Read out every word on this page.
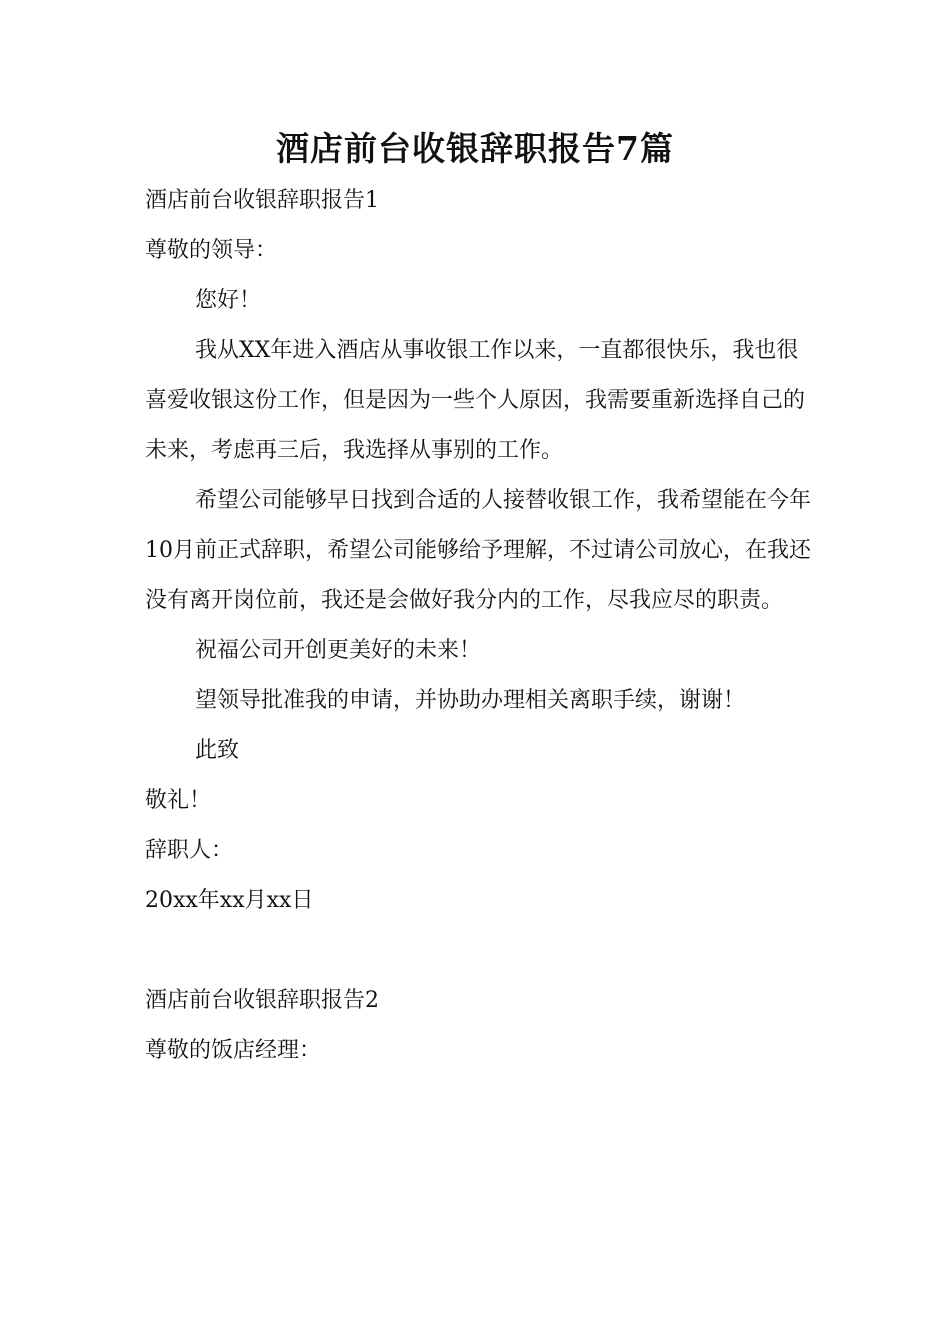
酒店前台收银辞职报告7篇

酒店前台收银辞职报告1

尊敬的领导：

您好！

我从XX年进入酒店从事收银工作以来，一直都很快乐，我也很喜爱收银这份工作，但是因为一些个人原因，我需要重新选择自己的未来，考虑再三后，我选择从事别的工作。

希望公司能够早日找到合适的人接替收银工作，我希望能在今年10月前正式辞职，希望公司能够给予理解，不过请公司放心，在我还没有离开岗位前，我还是会做好我分内的工作，尽我应尽的职责。

祝福公司开创更美好的未来！

望领导批准我的申请，并协助办理相关离职手续，谢谢！

此致

敬礼！

辞职人：

20xx年xx月xx日

酒店前台收银辞职报告2

尊敬的饭店经理：
